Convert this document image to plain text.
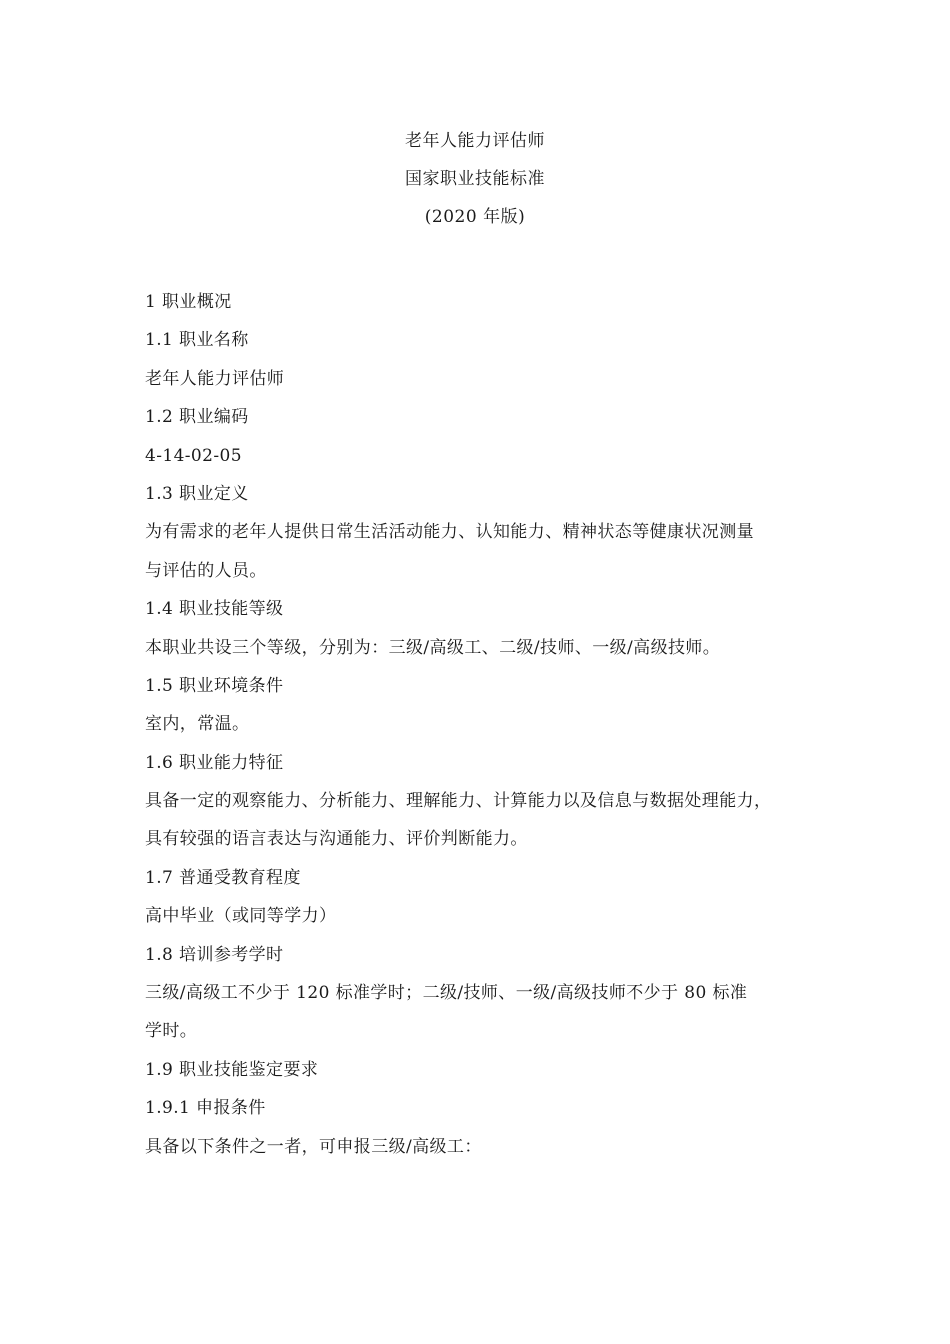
老年人能力评估师
国家职业技能标准
(2020 年版)
1 职业概况
1.1 职业名称
老年人能力评估师
1.2 职业编码
4-14-02-05
1.3 职业定义
为有需求的老年人提供日常生活活动能力、认知能力、精神状态等健康状况测量
与评估的人员。
1.4 职业技能等级
本职业共设三个等级，分别为：三级/高级工、二级/技师、一级/高级技师。
1.5 职业环境条件
室内，常温。
1.6 职业能力特征
具备一定的观察能力、分析能力、理解能力、计算能力以及信息与数据处理能力，
具有较强的语言表达与沟通能力、评价判断能力。
1.7 普通受教育程度
高中毕业（或同等学力）
1.8 培训参考学时
三级/高级工不少于 120 标准学时；二级/技师、一级/高级技师不少于 80 标准
学时。
1.9 职业技能鉴定要求
1.9.1 申报条件
具备以下条件之一者，可申报三级/高级工：
